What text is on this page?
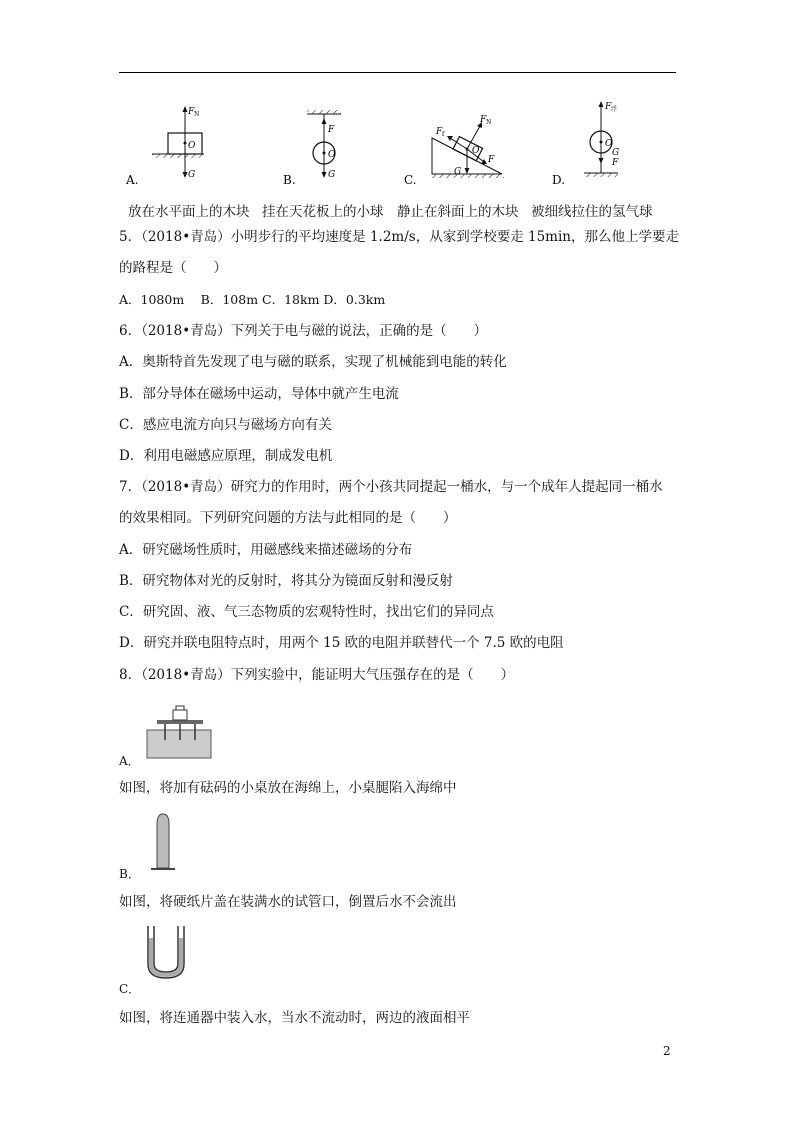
F N
O
G
A.
F
O
G
B.
F f
F N
O
G
F
C.
F 浮
O
G
F
D.
放在水平面上的木块 挂在天花板上的小球 静止在斜面上的木块 被细线拉住的氢气球
5．（2018•青岛）小明步行的平均速度是 1.2m/s，从家到学校要走 15min，那么他上学要走
的路程是（　　）
A．1080m　 B．108m C．18km D．0.3km
6．（2018•青岛）下列关于电与磁的说法，正确的是（　　）
A．奥斯特首先发现了电与磁的联系，实现了机械能到电能的转化
B．部分导体在磁场中运动，导体中就产生电流
C．感应电流方向只与磁场方向有关
D．利用电磁感应原理，制成发电机
7．（2018•青岛）研究力的作用时，两个小孩共同提起一桶水，与一个成年人提起同一桶水
的效果相同。下列研究问题的方法与此相同的是（　　）
A．研究磁场性质时，用磁感线来描述磁场的分布
B．研究物体对光的反射时，将其分为镜面反射和漫反射
C．研究固、液、气三态物质的宏观特性时，找出它们的异同点
D．研究并联电阻特点时，用两个 15 欧的电阻并联替代一个 7.5 欧的电阻
8．（2018•青岛）下列实验中，能证明大气压强存在的是（　　）
A．
如图，将加有砝码的小桌放在海绵上，小桌腿陷入海绵中
B．
如图，将硬纸片盖在装满水的试管口，倒置后水不会流出
C．
如图，将连通器中装入水，当水不流动时，两边的液面相平
2
